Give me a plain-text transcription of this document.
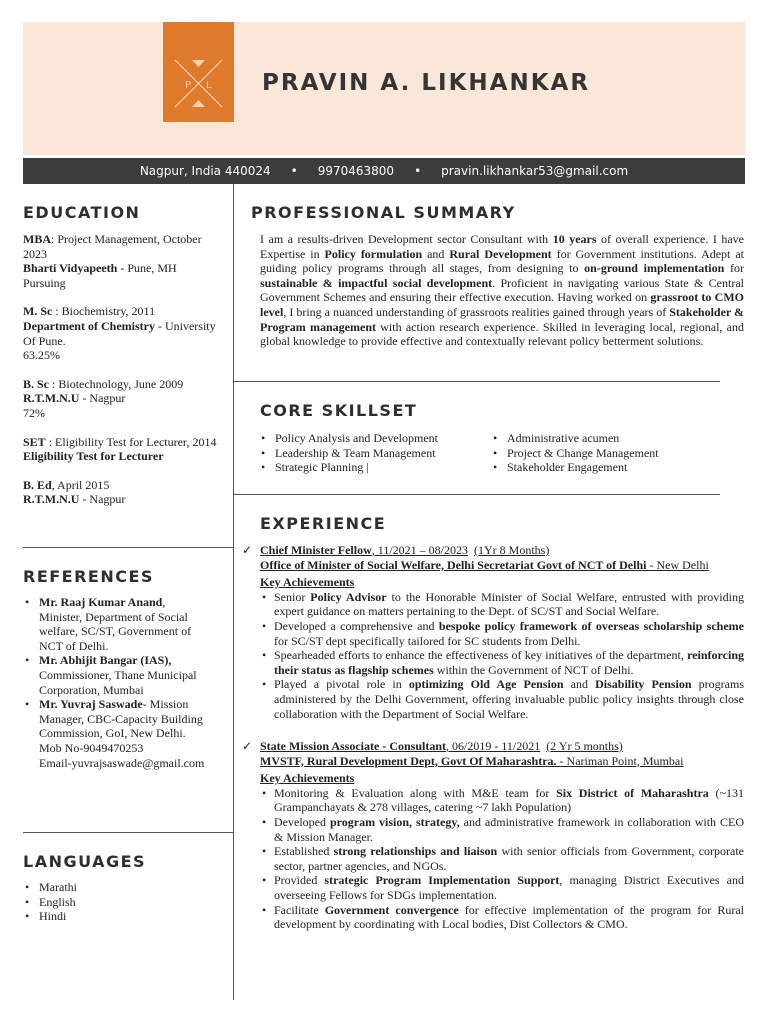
P L PRAVIN A. LIKHANKAR
Nagpur, India 440024 • 9970463800 • pravin.likhankar53@gmail.com
EDUCATION
MBA: Project Management, October 2023
Bharti Vidyapeeth - Pune, MH
Pursuing
M. Sc : Biochemistry, 2011
Department of Chemistry - University Of Pune.
63.25%
B. Sc : Biotechnology, June 2009
R.T.M.N.U - Nagpur
72%
SET : Eligibility Test for Lecturer, 2014
Eligibility Test for Lecturer
B. Ed, April 2015
R.T.M.N.U - Nagpur
REFERENCES
• Mr. Raaj Kumar Anand, Minister, Department of Social welfare, SC/ST, Government of NCT of Delhi.
• Mr. Abhijit Bangar (IAS), Commissioner, Thane Municipal Corporation, Mumbai
• Mr. Yuvraj Saswade- Mission Manager, CBC-Capacity Building Commission, GoI, New Delhi.
Mob No-9049470253
Email-yuvrajsaswade@gmail.com
LANGUAGES
• Marathi
• English
• Hindi
PROFESSIONAL SUMMARY
I am a results-driven Development sector Consultant with 10 years of overall experience. I have Expertise in Policy formulation and Rural Development for Government institutions. Adept at guiding policy programs through all stages, from designing to on-ground implementation for sustainable & impactful social development. Proficient in navigating various State & Central Government Schemes and ensuring their effective execution. Having worked on grassroot to CMO level, I bring a nuanced understanding of grassroots realities gained through years of Stakeholder & Program management with action research experience. Skilled in leveraging local, regional, and global knowledge to provide effective and contextually relevant policy betterment solutions.
CORE SKILLSET
• Policy Analysis and Development
• Leadership & Team Management
• Strategic Planning |
• Administrative acumen
• Project & Change Management
• Stakeholder Engagement
EXPERIENCE
✓ Chief Minister Fellow, 11/2021 – 08/2023 (1Yr 8 Months)
Office of Minister of Social Welfare, Delhi Secretariat Govt of NCT of Delhi - New Delhi
Key Achievements
• Senior Policy Advisor to the Honorable Minister of Social Welfare, entrusted with providing expert guidance on matters pertaining to the Dept. of SC/ST and Social Welfare.
• Developed a comprehensive and bespoke policy framework of overseas scholarship scheme for SC/ST dept specifically tailored for SC students from Delhi.
• Spearheaded efforts to enhance the effectiveness of key initiatives of the department, reinforcing their status as flagship schemes within the Government of NCT of Delhi.
• Played a pivotal role in optimizing Old Age Pension and Disability Pension programs administered by the Delhi Government, offering invaluable public policy insights through close collaboration with the Department of Social Welfare.
✓ State Mission Associate - Consultant, 06/2019 - 11/2021 (2 Yr 5 months)
MVSTF, Rural Development Dept, Govt Of Maharashtra. - Nariman Point, Mumbai
Key Achievements
• Monitoring & Evaluation along with M&E team for Six District of Maharashtra (~131 Grampanchayats & 278 villages, catering ~7 lakh Population)
• Developed program vision, strategy, and administrative framework in collaboration with CEO & Mission Manager.
• Established strong relationships and liaison with senior officials from Government, corporate sector, partner agencies, and NGOs.
• Provided strategic Program Implementation Support, managing District Executives and overseeing Fellows for SDGs implementation.
• Facilitate Government convergence for effective implementation of the program for Rural development by coordinating with Local bodies, Dist Collectors & CMO.
